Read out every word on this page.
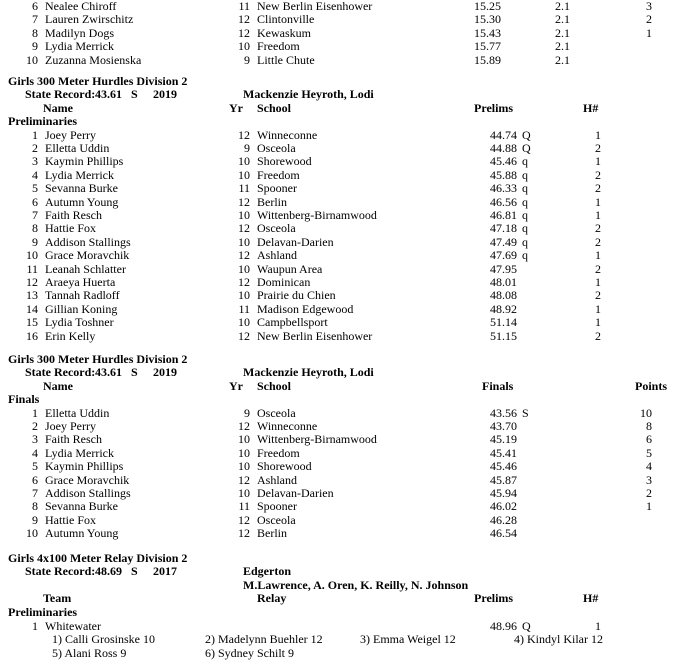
6 Nealee Chiroff	11 New Berlin Eisenhower	15.25	2.1	3
7 Lauren Zwirschitz	12 Clintonville	15.30	2.1	2
8 Madilyn Dogs	12 Kewaskum	15.43	2.1	1
9 Lydia Merrick	10 Freedom	15.77	2.1
10 Zuzanna Mosienska	9 Little Chute	15.89	2.1
Girls 300 Meter Hurdles Division 2
State Record: 43.61 S 2019	Mackenzie Heyroth, Lodi
Name	Yr School	Prelims	H#
Preliminaries
1 Joey Perry	12 Winneconne	44.74 Q	1
2 Elletta Uddin	9 Osceola	44.88 Q	2
3 Kaymin Phillips	10 Shorewood	45.46 q	1
4 Lydia Merrick	10 Freedom	45.88 q	2
5 Sevanna Burke	11 Spooner	46.33 q	2
6 Autumn Young	12 Berlin	46.56 q	1
7 Faith Resch	10 Wittenberg-Birnamwood	46.81 q	1
8 Hattie Fox	12 Osceola	47.18 q	2
9 Addison Stallings	10 Delavan-Darien	47.49 q	2
10 Grace Moravchik	12 Ashland	47.69 q	1
11 Leanah Schlatter	10 Waupun Area	47.95	2
12 Araeya Huerta	12 Dominican	48.01	1
13 Tannah Radloff	10 Prairie du Chien	48.08	2
14 Gillian Koning	11 Madison Edgewood	48.92	1
15 Lydia Toshner	10 Campbellsport	51.14	1
16 Erin Kelly	12 New Berlin Eisenhower	51.15	2
Girls 300 Meter Hurdles Division 2
State Record: 43.61 S 2019	Mackenzie Heyroth, Lodi
Name	Yr School	Finals	Points
Finals
1 Elletta Uddin	9 Osceola	43.56 S	10
2 Joey Perry	12 Winneconne	43.70	8
3 Faith Resch	10 Wittenberg-Birnamwood	45.19	6
4 Lydia Merrick	10 Freedom	45.41	5
5 Kaymin Phillips	10 Shorewood	45.46	4
6 Grace Moravchik	12 Ashland	45.87	3
7 Addison Stallings	10 Delavan-Darien	45.94	2
8 Sevanna Burke	11 Spooner	46.02	1
9 Hattie Fox	12 Osceola	46.28
10 Autumn Young	12 Berlin	46.54
Girls 4x100 Meter Relay Division 2
State Record: 48.69 S 2017	Edgerton
M.Lawrence, A. Oren, K. Reilly, N. Johnson
Team	Relay	Prelims	H#
Preliminaries
1 Whitewater	48.96 Q	1
1) Calli Grosinske 10	2) Madelynn Buehler 12	3) Emma Weigel 12	4) Kindyl Kilar 12
5) Alani Ross 9	6) Sydney Schilt 9
